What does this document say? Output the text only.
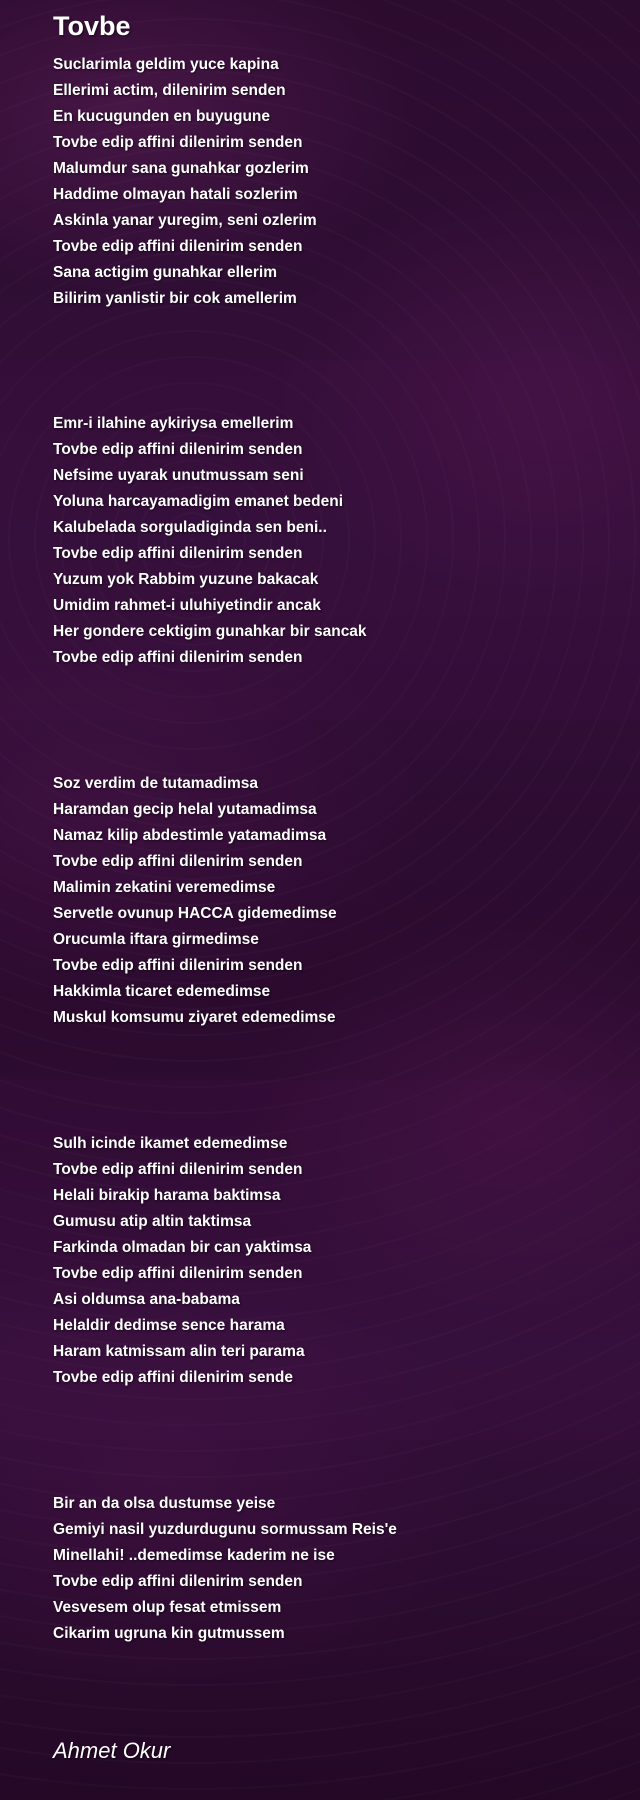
Tovbe
Suclarimla geldim yuce kapina
Ellerimi actim, dilenirim senden
En kucugunden en buyugune
Tovbe edip affini dilenirim senden
Malumdur sana gunahkar gozlerim
Haddime olmayan hatali sozlerim
Askinla yanar yuregim, seni ozlerim
Tovbe edip affini dilenirim senden
Sana actigim gunahkar ellerim
Bilirim yanlistir bir cok amellerim
Emr-i ilahine aykiriysa emellerim
Tovbe edip affini dilenirim senden
Nefsime uyarak unutmussam seni
Yoluna harcayamadigim emanet bedeni
Kalubelada sorguladiginda sen beni..
Tovbe edip affini dilenirim senden
Yuzum yok Rabbim yuzune bakacak
Umidim rahmet-i uluhiyetindir ancak
Her gondere cektigim gunahkar bir sancak
Tovbe edip affini dilenirim senden
Soz verdim de tutamadimsa
Haramdan gecip helal yutamadimsa
Namaz kilip abdestimle yatamadimsa
Tovbe edip affini dilenirim senden
Malimin zekatini veremedimse
Servetle ovunup HACCA gidemedimse
Orucumla iftara girmedimse
Tovbe edip affini dilenirim senden
Hakkimla ticaret edemedimse
Muskul komsumu ziyaret edemedimse
Sulh icinde ikamet edemedimse
Tovbe edip affini dilenirim senden
Helali birakip harama baktimsa
Gumusu atip altin taktimsa
Farkinda olmadan bir can yaktimsa
Tovbe edip affini dilenirim senden
Asi oldumsa ana-babama
Helaldir dedimse sence harama
Haram katmissam alin teri parama
Tovbe edip affini dilenirim sende
Bir an da olsa dustumse yeise
Gemiyi nasil yuzdurdugunu sormussam Reis'e
Minellahi! ..demedimse kaderim ne ise
Tovbe edip affini dilenirim senden
Vesvesem olup fesat etmissem
Cikarim ugruna kin gutmussem

Ahmet Okur
